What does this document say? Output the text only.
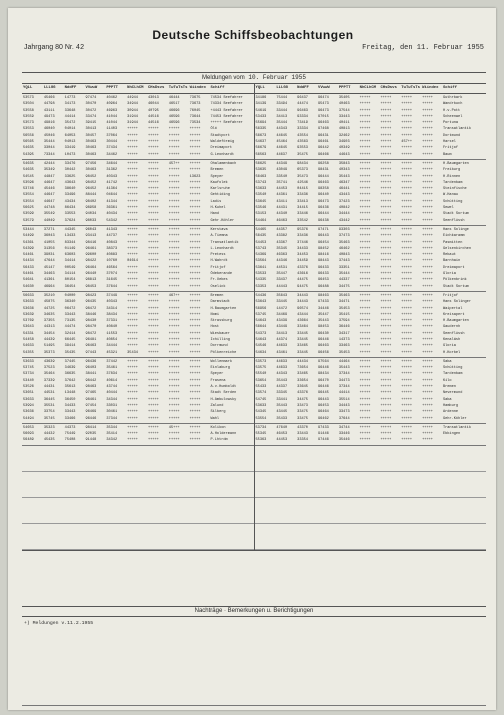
Deutsche Schiffsbeobachtungen
Jahrgang 80 Nr. 42	Freitag, den 11. Februar 1955
Meldungen vom 10. Februar 1955
YQLL	LLLGG	NddFF	VVwwW	PPPTT	NhCLhCM	CHsDsvs	TwTwTsTs Wiindex	Schiff
53573	45466	14773	97474	40462	44944	43013	46444	73675	74534 Seefahrer
53504	44798	34173	30470	40964	34944	46044	46517	73673	74334 Seefahrer
53558	43111	33648	30472	46963	30944	40795	46696	76045	+4443 Seefahrer
53559	49473	44414	33474	41044	31944	44516	46596	73644	74453 Seefahrer
53573	49816	35472	39415	41044	31944	44516	46596	73534	+++++ Seefahrer
53553	46040	04014	30413	11403	+++++	+++++	+++++	+++++	Ölö
56556	45046	64053	30457	37064	+++++	+++++	+++++	+++++	Stadtport
56565	35444	04013	30463	30444	+++++	+++++	+++++	+++++	Waldeförmig
54635	33044	33419	30463	37434	+++++	+++++	+++++	+++++	Dreimaport
54395	73344	10473	30463	34462	+++++	+++++	+++++	+++++	G.Leonhardt
54635	42444	33476	97456	34644	+++++	+++++	457++	+++++	Ohalamenbach
54635	35349	30442	30463	31362	+++++	+++++	+++++	+++++	Bremen
54545	44847	33625	98452	40343	+++++	+++++	+++++	13623	Speyer
53596	44647	43643	98452	41742	+++++	+++++	+++++	+++++	Kaufolek
53746	45446	38640	96452	41364	+++++	+++++	+++++	+++++	Karlsruhe
53554	44647	33496	88444	04644	+++++	+++++	+++++	+++++	Gehtiding
53554	44647	43434	98402	41344	+++++	+++++	+++++	+++++	Ladis
56625	44748	86434	98958	36361	+++++	+++++	+++++	+++++	H.Kuhel
53599	35549	33553	94034	40434	+++++	+++++	+++++	+++++	Hand
53579	44049	37624	98033	54342	+++++	+++++	+++++	+++++	Gehr.Köhler
53444	37271	44345	96043	41343	+++++	+++++	+++++	+++++	Kerstava
54499	36043	13433	93413	44737	+++++	+++++	+++++	+++++	A.Tiemna
54361	41055	83344	98416	40843	+++++	+++++	+++++	+++++	Transatlantik
54399	31356	01149	96461	38373	+++++	+++++	+++++	+++++	L.Leonhardt
54461	39031	63603	99600	40883	+++++	+++++	+++++	+++++	Pretess
54434	47644	34414	98422	10760	04614	+++++	+++++	+++++	H.Wahrdt
56433	45147	00549	96464	46564	+++++	+++++	+++++	+++++	Fritjof
54461	34463	34114	96440	37074	+++++	+++++	+++++	+++++	Ödeberande
54641	41361	80154	98813	31645	+++++	+++++	+++++	+++++	Fr.Uebes
54630	46964	36454	98453	37644	+++++	+++++	+++++	+++++	Oselick
56633	35210	04000	98423	37449	+++++	+++++	467++	+++++	Bremen
53633	45875	36340	96435	40343	+++++	+++++	+++++	+++++	Darmstadt
53636	44725	06472	98472	34314	+++++	+++++	+++++	+++++	H.Baumgarten
53639	34635	33443	38446	38434	+++++	+++++	+++++	+++++	Nomi
53769	37355	73135	98430	37331	+++++	+++++	+++++	+++++	Strassburg
53643	44313	44474	98470	40840	+++++	+++++	+++++	+++++	Host
54331	34454	32414	98472	11553	+++++	+++++	+++++	+++++	Wiesbauer
54458	44439	66445	96481	40854	+++++	+++++	+++++	+++++	Ichilling
54633	51495	39414	96463	34444	+++++	+++++	+++++	+++++	Dorrmund
54355	35373	35435	97443	45321	35434	+++++	+++++	+++++	Pölkenreiche
53633	43639	37445	96436	37442	+++++	+++++	+++++	+++++	Wollenmark
53745	37523	34639	96403	35461	+++++	+++++	+++++	+++++	Einlaburg
53734	35464	36635	38441	37834	+++++	+++++	+++++	+++++	Speyer
53440	37339	37642	98442	40614	+++++	+++++	+++++	+++++	Frasena
53526	44431	35613	98463	43744	+++++	+++++	+++++	+++++	A.v.Humboldt
53651	44531	13448	97465	40444	+++++	+++++	+++++	+++++	Stadt Serden
53633	36445	36450	98461	34344	+++++	+++++	+++++	+++++	H.Ambulowsky
53994	35531	34433	97454	33031	+++++	+++++	+++++	+++++	Zalund
53636	33754	33443	96469	30461	+++++	+++++	+++++	+++++	Silberg
54494	35745	33466	96446	37344	+++++	+++++	+++++	+++++	Wahl
54653	35323	44373	98414	35344	+++++	+++++	45+++	+++++	Kolikon
56693	44432	75449	92035	35414	+++++	+++++	+++++	+++++	A.Holdermann
56489	45435	75408	91448	34342	+++++	+++++	+++++	+++++	P.Lhtrdm
YQLL	LLLGG	NddFF	VVwwW	PPPTT	NhCLhCM	CHsDsvs	TwTwTsTs Wiindex	Schiff
34186	75444	96437	96474	35405	+++++	+++++	+++++	+++++	Guthrbark
34139	33494	44474	95473	40463	+++++	+++++	+++++	+++++	Wandrbuch
54619	33444	96463	96473	37544	+++++	+++++	+++++	+++++	H.v.Pott
53433	34413	93334	97015	33443	+++++	+++++	+++++	+++++	Scheenwel
55694	35444	73419	96463	40411	+++++	+++++	+++++	+++++	Portuna
56335	44343	33334	97468	40813	+++++	+++++	+++++	+++++	Transatlantik
56673	44645	43554	96431	32462	+++++	+++++	+++++	+++++	Dortmund
54637	45464	43563	96461	34903	+++++	+++++	457++	+++++	Harsel
56679	44645	93553	96442	40349	+++++	+++++	+++++	+++++	Fritjof
56563	44637	35475	96466	44643	+++++	+++++	+++++	+++++	Baum
56625	44349	98434	96258	35843	+++++	+++++	+++++	+++++	H.Baumgarten
53635	43049	65373	98431	40343	+++++	+++++	+++++	+++++	Freiburg
56463	33540	35473	96444	35443	+++++	+++++	+++++	+++++	H.Rinnen
53743	35741	42546	96463	46347	+++++	+++++	+++++	+++++	Tardenbam
53633	44453	04415	98358	46441	+++++	+++++	+++++	+++++	Steinfische
53540	44361	33436	96440	43443	+++++	+++++	+++++	+++++	W.Hanau
53645	43411	33413	96473	37423	+++++	+++++	+++++	+++++	Schütting
53546	44431	34415	96436	40842	+++++	+++++	+++++	+++++	Sewel
53153	44340	33446	96444	34444	+++++	+++++	+++++	+++++	Stadt Sortum
54464	46463	33542	96438	43442	+++++	+++++	+++++	+++++	Seenflüssh
54465	44357	95376	97471	93303	+++++	+++++	+++++	+++++	Hans Solinge
56435	43382	33436	96443	37473	+++++	+++++	+++++	+++++	Eichkaramm
54453	43367	37446	96454	35463	+++++	+++++	+++++	+++++	Pasmitten
53743	35345	34433	98452	46462	+++++	+++++	+++++	+++++	Gelsenkirchen
54369	46363	34453	98416	40843	+++++	+++++	+++++	+++++	Rebaut
53564	44346	34459	98443	37443	+++++	+++++	+++++	+++++	Barnhain
53641	44531	43376	96433	33351	+++++	+++++	+++++	+++++	Dreimaport
53533	35447	43616	96433	35444	+++++	+++++	+++++	+++++	Gloria
54335	33437	44475	96453	44337	+++++	+++++	+++++	+++++	Pölkenbrink
53353	44443	94475	96488	34475	+++++	+++++	+++++	+++++	Stadt Sortum
54436	35643	34443	98463	35463	+++++	+++++	+++++	+++++	Fritjof
53643	33445	34443	97433	34471	+++++	+++++	+++++	+++++	Hans Solinger
56956	14472	96574	34446	35453	+++++	+++++	+++++	+++++	Waipertal
53745	34469	43444	35447	35415	+++++	+++++	+++++	+++++	Kreisapert
54643	43439	43664	35443	37594	+++++	+++++	+++++	+++++	H.Baumgarten
56644	43449	33464	98453	36446	+++++	+++++	+++++	+++++	Gaudernh
54373	34413	33445	96430	34317	+++++	+++++	+++++	+++++	Seenflüssh
54643	44374	33445	96446	14373	+++++	+++++	+++++	+++++	Kenaläsh
54546	44633	33465	96463	33463	+++++	+++++	+++++	+++++	Gloria
54634	43461	33445	96456	35453	+++++	+++++	+++++	+++++	H.Korbel
53573	44633	44434	97564	44464	+++++	+++++	+++++	+++++	Saba
53575	44633	73654	96446	35443	+++++	+++++	+++++	+++++	Schütting
55540	44343	33465	98434	37344	+++++	+++++	+++++	+++++	Tardenbam
53654	35443	33654	96470	34473	+++++	+++++	+++++	+++++	Kilo
55433	44337	33645	96446	37344	+++++	+++++	+++++	+++++	Bremen
53574	33345	43376	96445	44414	+++++	+++++	+++++	+++++	Nevermund
54745	33441	34475	96443	35514	+++++	+++++	+++++	+++++	Saba
53633	35443	33473	96453	34443	+++++	+++++	+++++	+++++	Hamburg
54345	43445	33475	96464	33473	+++++	+++++	+++++	+++++	Ardenne
53554	35433	33475	96462	37644	+++++	+++++	+++++	+++++	Gehr.Köhler
53734	47640	43370	97433	34744	+++++	+++++	+++++	+++++	Transatlantik
55345	46453	33443	91446	33446	+++++	+++++	+++++	+++++	Ebbingen
55363	44453	33354	97446	35446	+++++	+++++	+++++	+++++
Nachträge · Bemerkungen u. Berichtigungen
+) Meldungen v.11.2.1955
